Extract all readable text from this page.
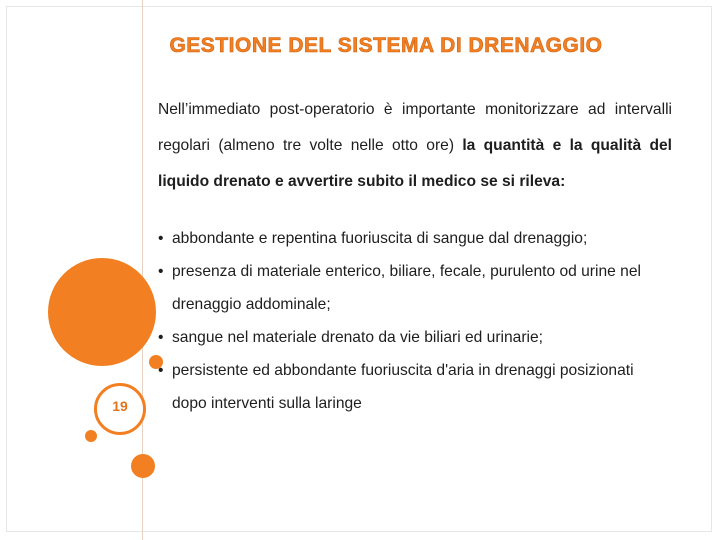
19
GESTIONE DEL SISTEMA DI DRENAGGIO

Nell’immediato post-operatorio è importante monitorizzare ad intervalli regolari (almeno tre volte nelle otto ore) la quantità e la qualità del liquido drenato e avvertire subito il medico se si rileva:

• abbondante e repentina fuoriuscita di sangue dal drenaggio;
• presenza di materiale enterico, biliare, fecale, purulento od urine nel drenaggio addominale;
• sangue nel materiale drenato da vie biliari ed urinarie;
• persistente ed abbondante fuoriuscita d'aria in drenaggi posizionati dopo interventi sulla laringe
